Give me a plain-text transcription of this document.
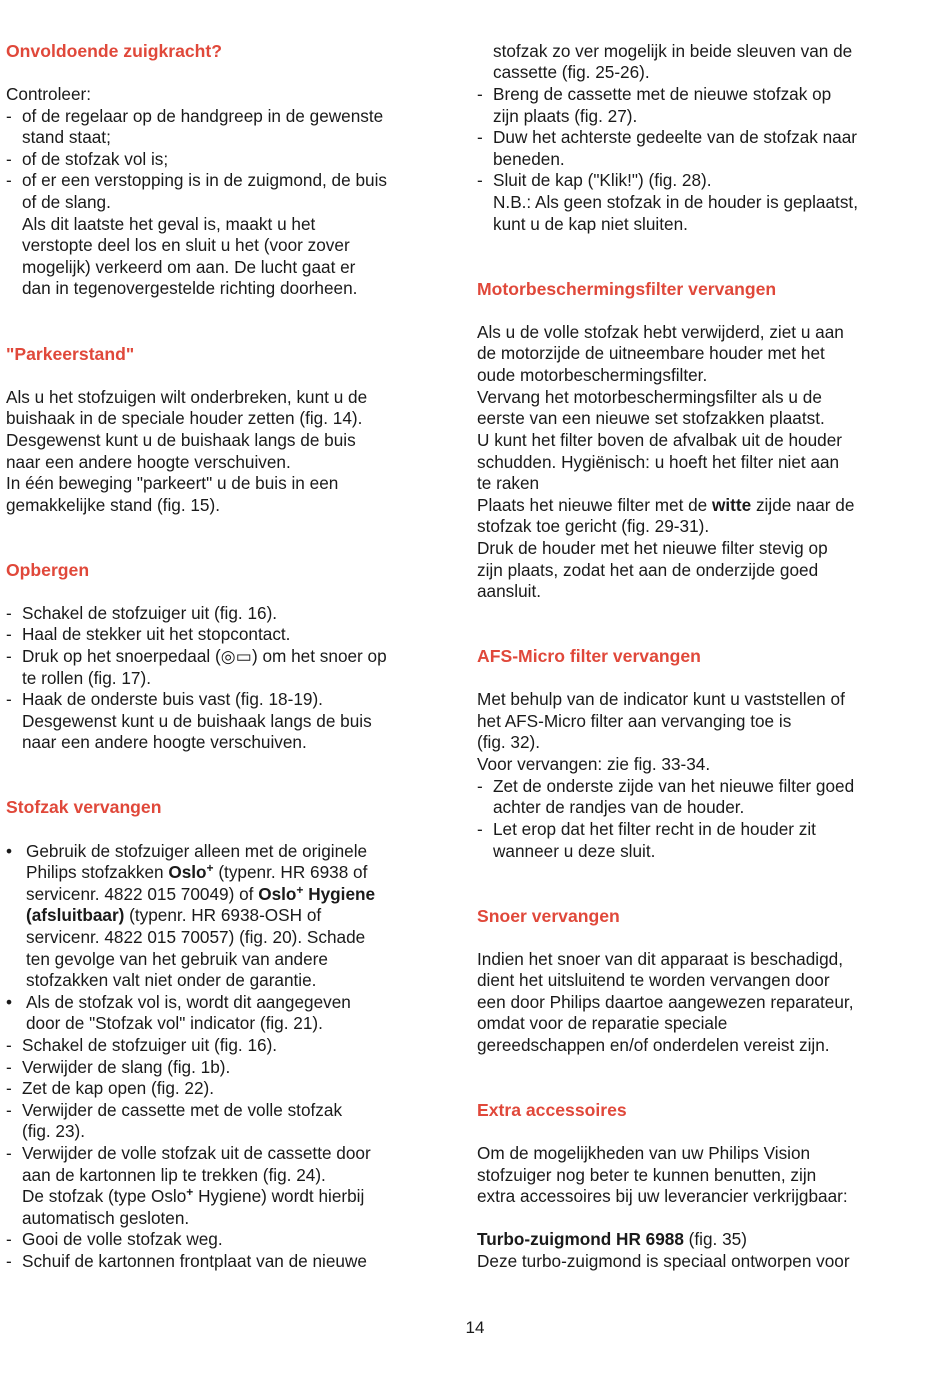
Onvoldoende zuigkracht?
Controleer:
- of de regelaar op de handgreep in de gewenste
stand staat;
- of de stofzak vol is;
- of er een verstopping is in de zuigmond, de buis
of de slang.
Als dit laatste het geval is, maakt u het
verstopte deel los en sluit u het (voor zover
mogelijk) verkeerd om aan. De lucht gaat er
dan in tegenovergestelde richting doorheen.
"Parkeerstand"
Als u het stofzuigen wilt onderbreken, kunt u de
buishaak in de speciale houder zetten (fig. 14).
Desgewenst kunt u de buishaak langs de buis
naar een andere hoogte verschuiven.
In één beweging "parkeert" u de buis in een
gemakkelijke stand (fig. 15).
Opbergen
- Schakel de stofzuiger uit (fig. 16).
- Haal de stekker uit het stopcontact.
- Druk op het snoerpedaal (◎▭) om het snoer op
te rollen (fig. 17).
- Haak de onderste buis vast (fig. 18-19).
Desgewenst kunt u de buishaak langs de buis
naar een andere hoogte verschuiven.
Stofzak vervangen
• Gebruik de stofzuiger alleen met de originele
Philips stofzakken Oslo+ (typenr. HR 6938 of
servicenr. 4822 015 70049) of Oslo+ Hygiene
(afsluitbaar) (typenr. HR 6938-OSH of
servicenr. 4822 015 70057) (fig. 20). Schade
ten gevolge van het gebruik van andere
stofzakken valt niet onder de garantie.
• Als de stofzak vol is, wordt dit aangegeven
door de "Stofzak vol" indicator (fig. 21).
- Schakel de stofzuiger uit (fig. 16).
- Verwijder de slang (fig. 1b).
- Zet de kap open (fig. 22).
- Verwijder de cassette met de volle stofzak
(fig. 23).
- Verwijder de volle stofzak uit de cassette door
aan de kartonnen lip te trekken (fig. 24).
De stofzak (type Oslo+ Hygiene) wordt hierbij
automatisch gesloten.
- Gooi de volle stofzak weg.
- Schuif de kartonnen frontplaat van de nieuwe
stofzak zo ver mogelijk in beide sleuven van de
cassette (fig. 25-26).
- Breng de cassette met de nieuwe stofzak op
zijn plaats (fig. 27).
- Duw het achterste gedeelte van de stofzak naar
beneden.
- Sluit de kap ("Klik!") (fig. 28).
N.B.: Als geen stofzak in de houder is geplaatst,
kunt u de kap niet sluiten.
Motorbeschermingsfilter vervangen
Als u de volle stofzak hebt verwijderd, ziet u aan
de motorzijde de uitneembare houder met het
oude motorbeschermingsfilter.
Vervang het motorbeschermingsfilter als u de
eerste van een nieuwe set stofzakken plaatst.
U kunt het filter boven de afvalbak uit de houder
schudden. Hygiënisch: u hoeft het filter niet aan
te raken
Plaats het nieuwe filter met de witte zijde naar de
stofzak toe gericht (fig. 29-31).
Druk de houder met het nieuwe filter stevig op
zijn plaats, zodat het aan de onderzijde goed
aansluit.
AFS-Micro filter vervangen
Met behulp van de indicator kunt u vaststellen of
het AFS-Micro filter aan vervanging toe is
(fig. 32).
Voor vervangen: zie fig. 33-34.
- Zet de onderste zijde van het nieuwe filter goed
achter de randjes van de houder.
- Let erop dat het filter recht in de houder zit
wanneer u deze sluit.
Snoer vervangen
Indien het snoer van dit apparaat is beschadigd,
dient het uitsluitend te worden vervangen door
een door Philips daartoe aangewezen reparateur,
omdat voor de reparatie speciale
gereedschappen en/of onderdelen vereist zijn.
Extra accessoires
Om de mogelijkheden van uw Philips Vision
stofzuiger nog beter te kunnen benutten, zijn
extra accessoires bij uw leverancier verkrijgbaar:
Turbo-zuigmond HR 6988 (fig. 35)
Deze turbo-zuigmond is speciaal ontworpen voor
14
